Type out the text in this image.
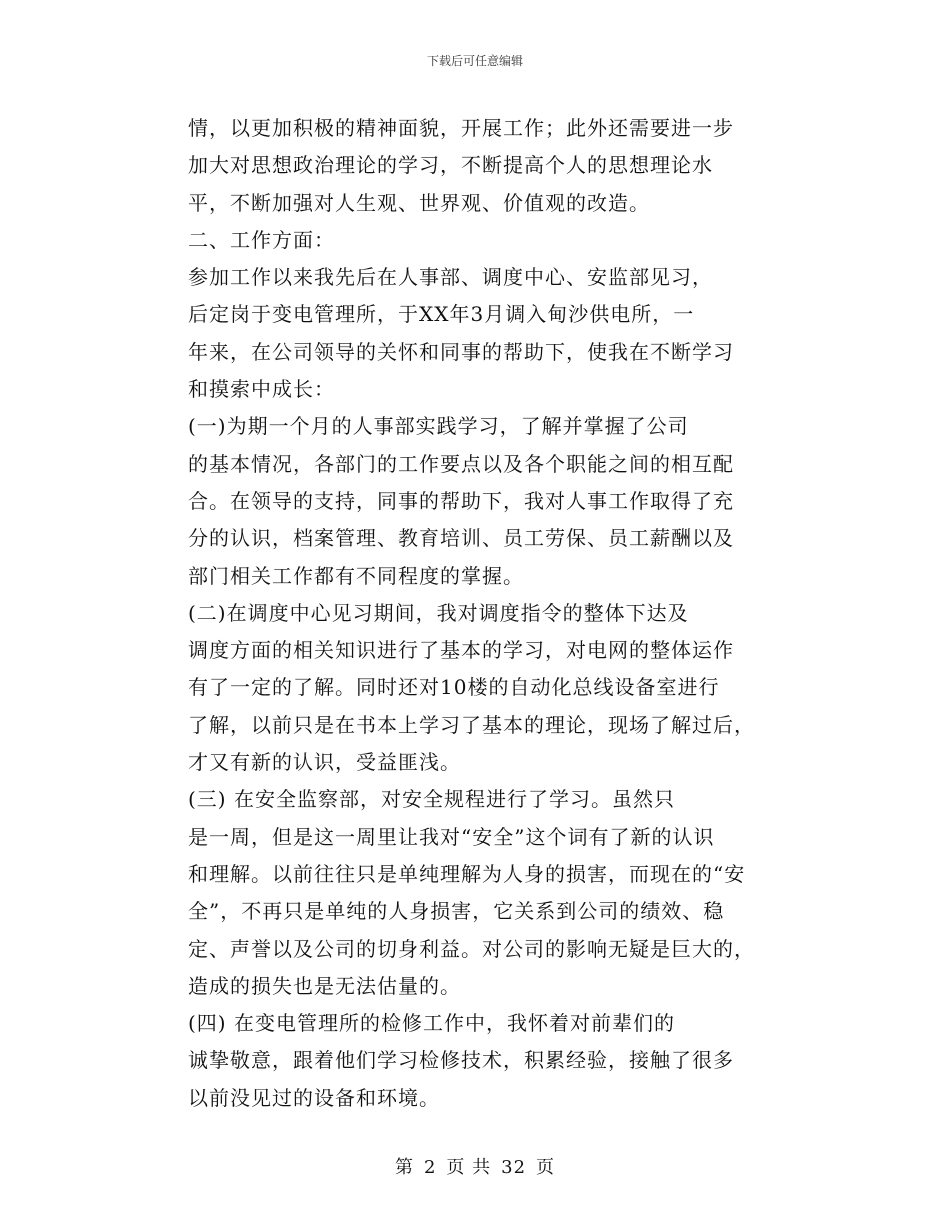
下载后可任意编辑
情，以更加积极的精神面貌，开展工作；此外还需要进一步
加大对思想政治理论的学习，不断提高个人的思想理论水
平，不断加强对人生观、世界观、价值观的改造。
二、工作方面：
参加工作以来我先后在人事部、调度中心、安监部见习，
后定岗于变电管理所，于XX年3月调入甸沙供电所，一
年来，在公司领导的关怀和同事的帮助下，使我在不断学习
和摸索中成长：
(一)为期一个月的人事部实践学习，了解并掌握了公司
的基本情况，各部门的工作要点以及各个职能之间的相互配
合。在领导的支持，同事的帮助下，我对人事工作取得了充
分的认识，档案管理、教育培训、员工劳保、员工薪酬以及
部门相关工作都有不同程度的掌握。
(二)在调度中心见习期间，我对调度指令的整体下达及
调度方面的相关知识进行了基本的学习，对电网的整体运作
有了一定的了解。同时还对10楼的自动化总线设备室进行
了解，以前只是在书本上学习了基本的理论，现场了解过后，
才又有新的认识，受益匪浅。
(三) 在安全监察部，对安全规程进行了学习。虽然只
是一周，但是这一周里让我对“安全”这个词有了新的认识
和理解。以前往往只是单纯理解为人身的损害，而现在的“安
全”，不再只是单纯的人身损害，它关系到公司的绩效、稳
定、声誉以及公司的切身利益。对公司的影响无疑是巨大的，
造成的损失也是无法估量的。
(四) 在变电管理所的检修工作中，我怀着对前辈们的
诚挚敬意，跟着他们学习检修技术，积累经验，接触了很多
以前没见过的设备和环境。
第 2 页 共 32 页
